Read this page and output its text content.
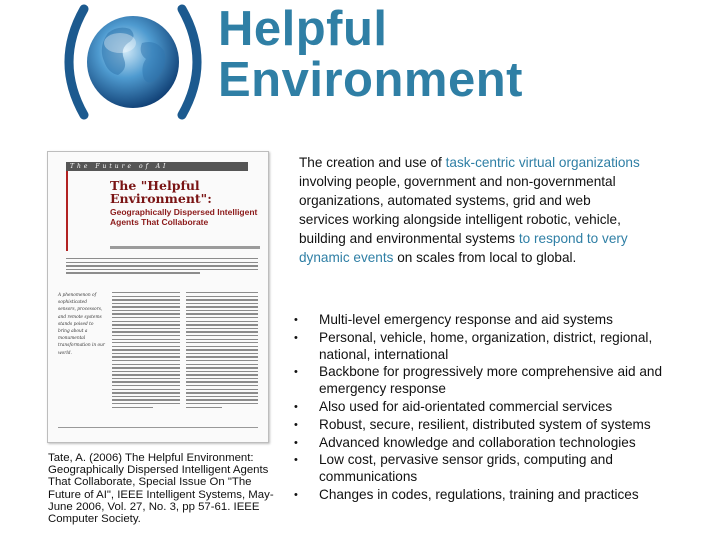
Helpful
Environment
The Future of AI
The "Helpful Environment":
Geographically Dispersed Intelligent Agents That Collaborate
A phenomenon of sophisticated sensors, processors, and remote systems stands poised to bring about a monumental transformation in our world.
Tate, A. (2006) The Helpful Environment: Geographically Dispersed Intelligent Agents That Collaborate, Special Issue On "The Future of AI", IEEE Intelligent Systems, May-June 2006, Vol. 27, No. 3, pp 57-61. IEEE Computer Society.
The creation and use of task-centric virtual organizations involving people, government and non-governmental organizations, automated systems, grid and web services working alongside intelligent robotic, vehicle, building and environmental systems to respond to very dynamic events on scales from local to global.
• Multi-level emergency response and aid systems
• Personal, vehicle, home, organization, district, regional, national, international
• Backbone for progressively more comprehensive aid and emergency response
• Also used for aid-orientated commercial services
• Robust, secure, resilient, distributed system of systems
• Advanced knowledge and collaboration technologies
• Low cost, pervasive sensor grids, computing and communications
• Changes in codes, regulations, training and practices
